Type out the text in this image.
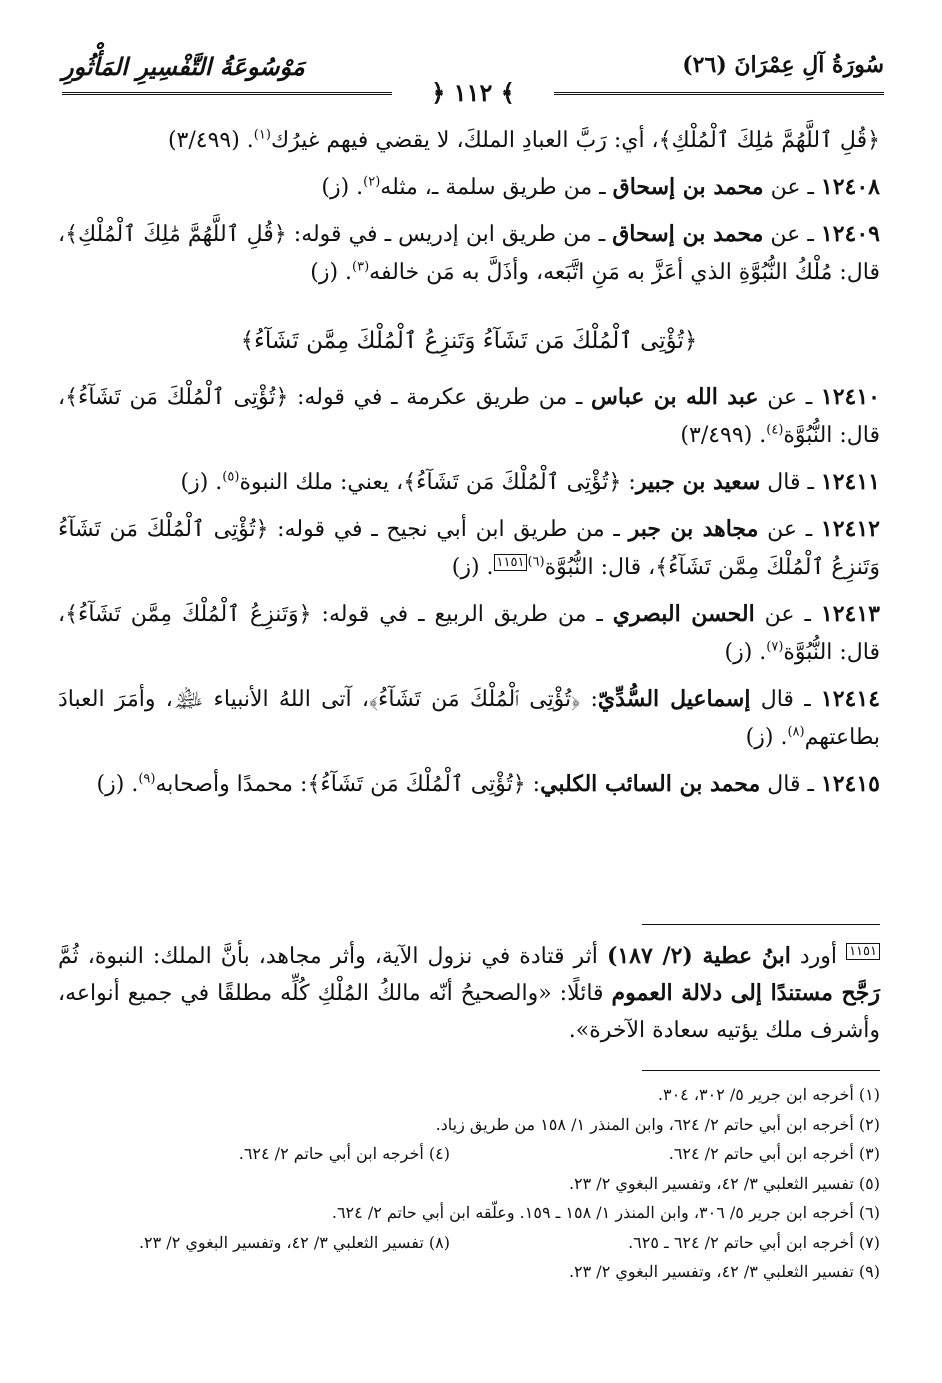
سُورَةُ آلِ عِمْرَانَ (٢٦)
مَوْسُوعَةُ التَّفْسِيرِ المَأْثُورِ
﴾ ١١٢ ﴿

﴿قُلِ ٱللَّهُمَّ مَٰلِكَ ٱلْمُلْكِ﴾، أي: رَبَّ العبادِ الملكَ، لا يقضي فيهم غيرُك$^{(١)}$. (٣/٤٩٩)

١٢٤٠٨ ـ عن محمد بن إسحاق ـ من طريق سلمة ـ، مثله$^{(٢)}$. (ز)

١٢٤٠٩ ـ عن محمد بن إسحاق ـ من طريق ابن إدريس ـ في قوله: ﴿قُلِ ٱللَّهُمَّ مَٰلِكَ ٱلْمُلْكِ﴾، قال: مُلْكُ النُّبُوَّةِ الذي أعَزَّ به مَنِ اتَّبَعه، وأذَلَّ به مَن خالفه$^{(٣)}$. (ز)

﴿تُؤْتِى ٱلْمُلْكَ مَن تَشَآءُ وَتَنزِعُ ٱلْمُلْكَ مِمَّن تَشَآءُ﴾

١٢٤١٠ ـ عن عبد الله بن عباس ـ من طريق عكرمة ـ في قوله: ﴿تُؤْتِى ٱلْمُلْكَ مَن تَشَآءُ﴾، قال: النُّبُوَّة$^{(٤)}$. (٣/٤٩٩)

١٢٤١١ ـ قال سعيد بن جبير: ﴿تُؤْتِى ٱلْمُلْكَ مَن تَشَآءُ﴾، يعني: ملك النبوة$^{(٥)}$. (ز)

١٢٤١٢ ـ عن مجاهد بن جبر ـ من طريق ابن أبي نجيح ـ في قوله: ﴿تُؤْتِى ٱلْمُلْكَ مَن تَشَآءُ وَتَنزِعُ ٱلْمُلْكَ مِمَّن تَشَآءُ﴾، قال: النُّبُوَّة$^{(٦)١١٥١}$. (ز)

١٢٤١٣ ـ عن الحسن البصري ـ من طريق الربيع ـ في قوله: ﴿وَتَنزِعُ ٱلْمُلْكَ مِمَّن تَشَآءُ﴾، قال: النُّبُوَّة$^{(٧)}$. (ز)

١٢٤١٤ ـ قال إسماعيل السُّدِّيّ: ﴿تُؤْتِى ٱلْمُلْكَ مَن تَشَآءُ﴾، آتى اللهُ الأنبياء ﵈، وأمَرَ العبادَ بطاعتهم$^{(٨)}$. (ز)

١٢٤١٥ ـ قال محمد بن السائب الكلبي: ﴿تُؤْتِى ٱلْمُلْكَ مَن تَشَآءُ﴾: محمدًا وأصحابه$^{(٩)}$. (ز)

$^{١١٥١}$ أورد ابنُ عطية (٢/ ١٨٧) أثر قتادة في نزول الآية، وأثر مجاهد، بأنَّ الملك: النبوة، ثُمَّ رَجَّح مستندًا إلى دلالة العموم قائلًا: «والصحيحُ أنّه مالكُ المُلْكِ كُلِّه مطلقًا في جميع أنواعه، وأشرف ملك يؤتيه سعادة الآخرة».
(١) أخرجه ابن جرير ٥/ ٣٠٢، ٣٠٤.
(٢) أخرجه ابن أبي حاتم ٢/ ٦٢٤، وابن المنذر ١/ ١٥٨ من طريق زياد.
(٣) أخرجه ابن أبي حاتم ٢/ ٦٢٤.
(٤) أخرجه ابن أبي حاتم ٢/ ٦٢٤.
(٥) تفسير الثعلبي ٣/ ٤٢، وتفسير البغوي ٢/ ٢٣.
(٦) أخرجه ابن جرير ٥/ ٣٠٦، وابن المنذر ١/ ١٥٨ ـ ١٥٩. وعلّقه ابن أبي حاتم ٢/ ٦٢٤.
(٧) أخرجه ابن أبي حاتم ٢/ ٦٢٤ ـ ٦٢٥.
(٨) تفسير الثعلبي ٣/ ٤٢، وتفسير البغوي ٢/ ٢٣.
(٩) تفسير الثعلبي ٣/ ٤٢، وتفسير البغوي ٢/ ٢٣.
